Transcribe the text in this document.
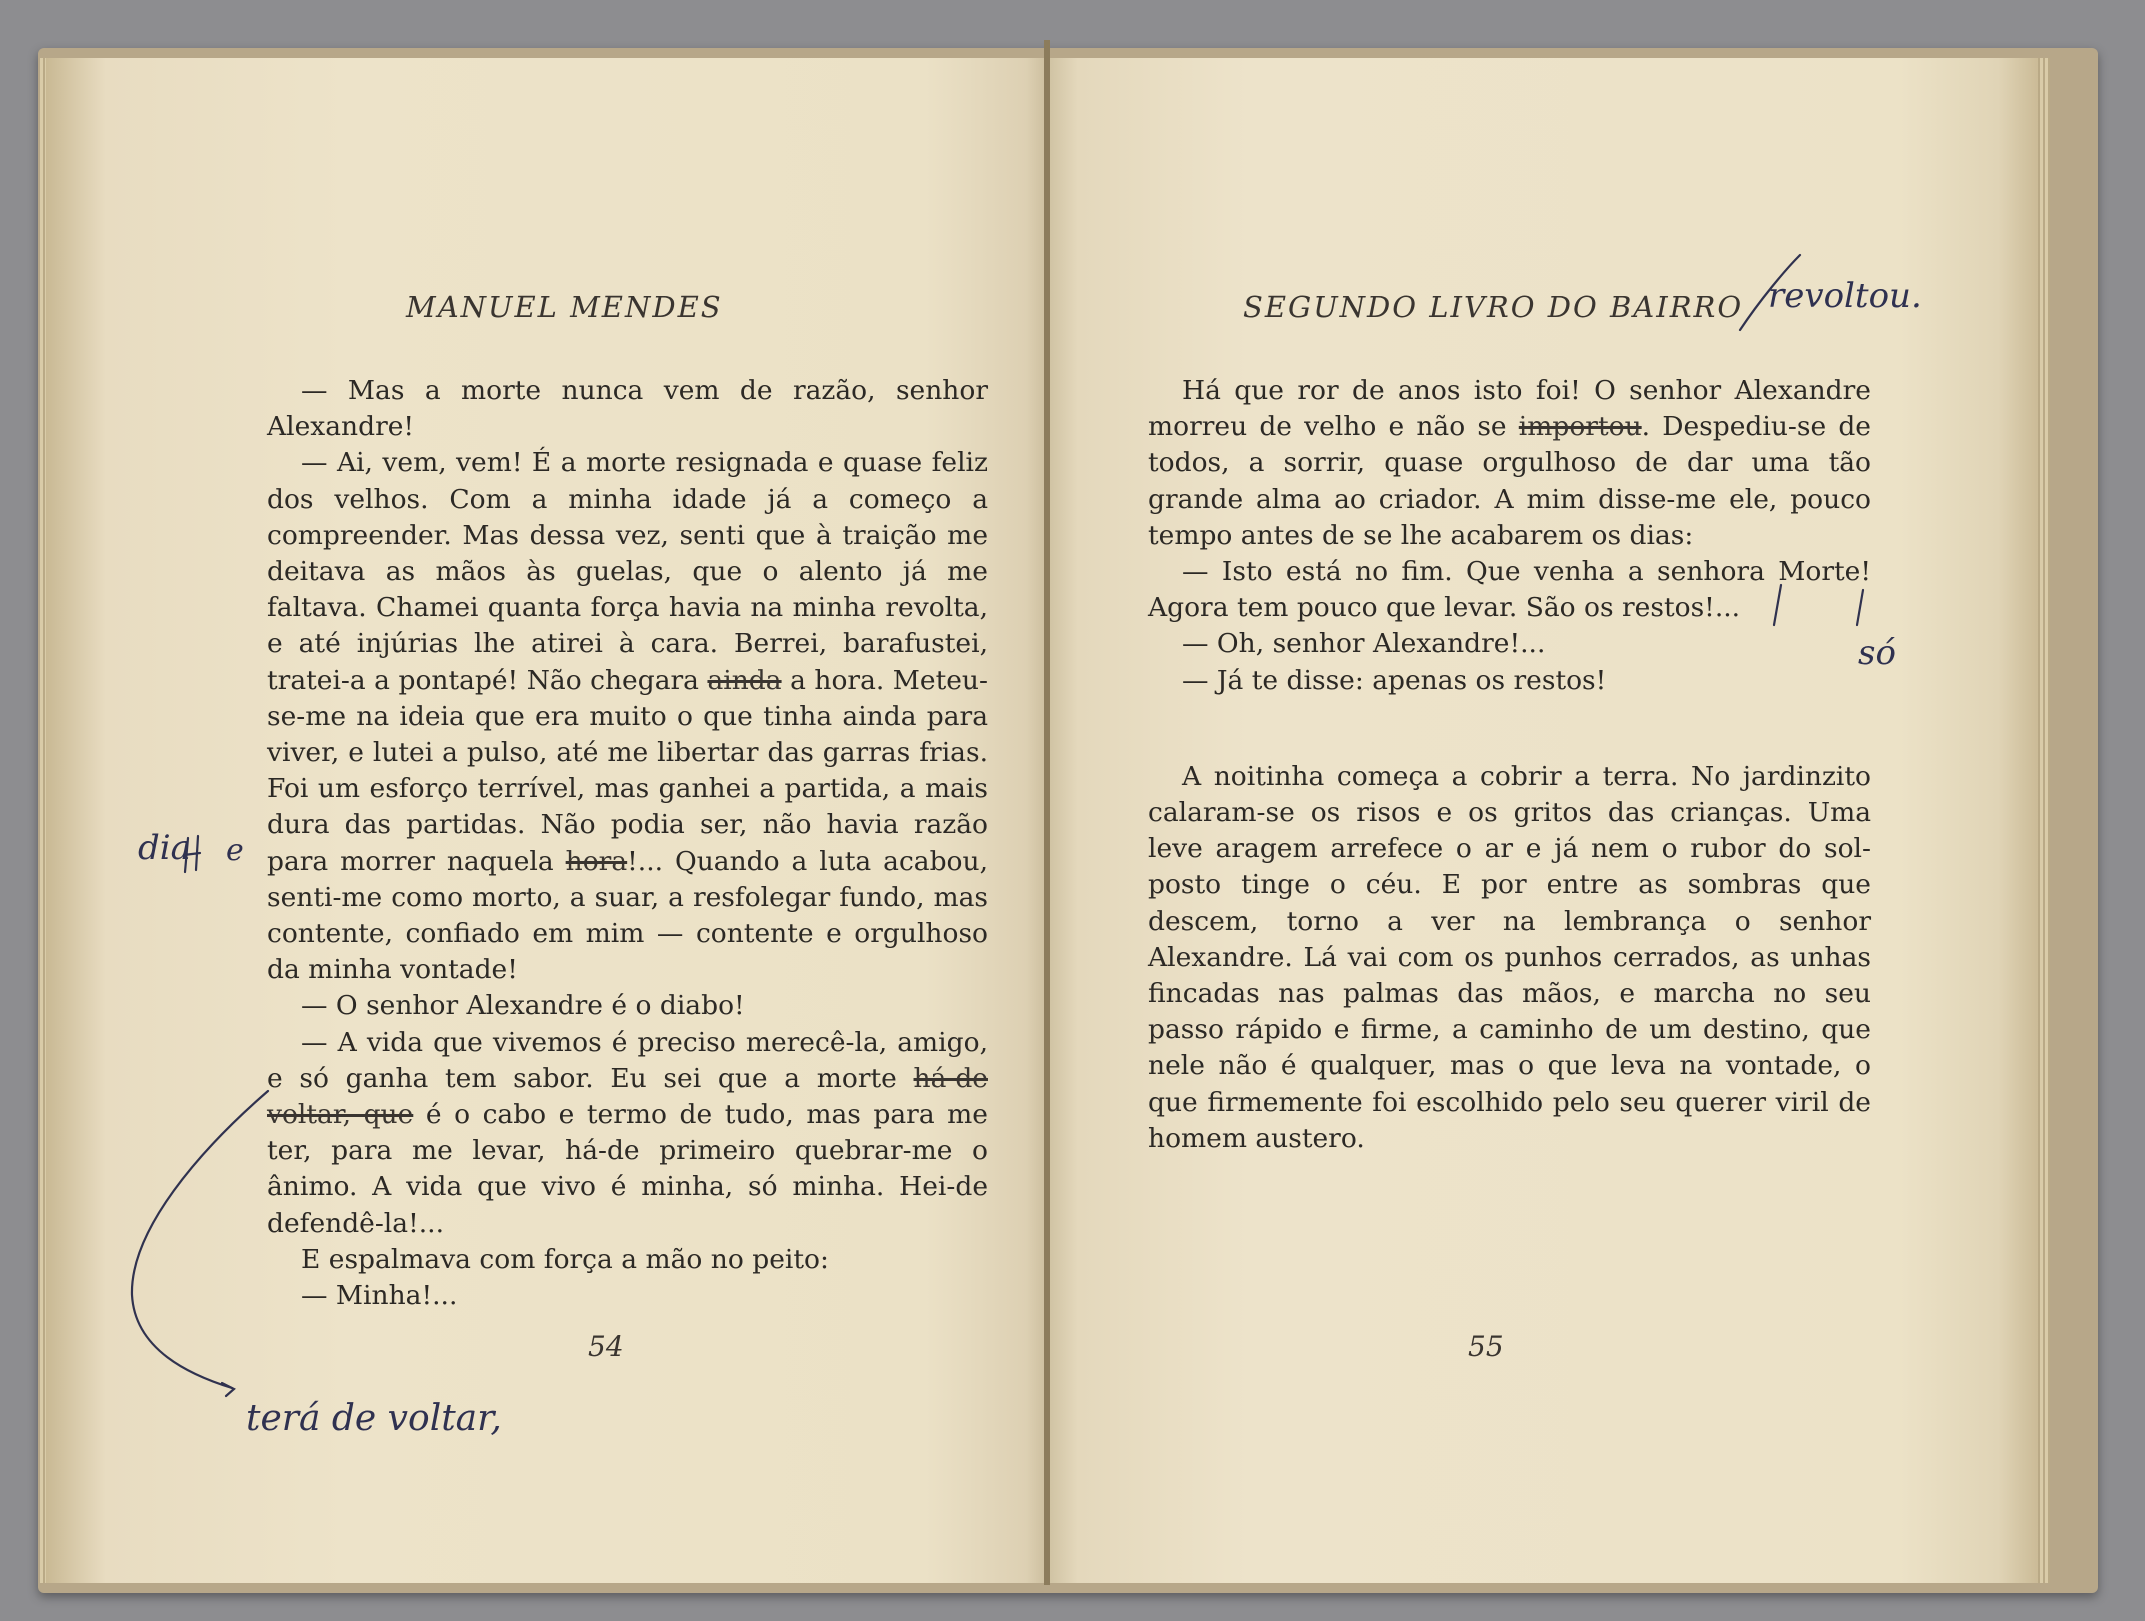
MANUEL MENDES

— Mas a morte nunca vem de razão, senhor Alexandre!

— Ai, vem, vem! É a morte resignada e quase feliz dos velhos. Com a minha idade já a começo a compreender. Mas dessa vez, senti que à traição me deitava as mãos às guelas, que o alento já me faltava. Chamei quanta força havia na minha revolta, e até injúrias lhe atirei à cara. Berrei, barafustei, tratei-a a pontapé! Não chegara ainda a hora. Meteu-se-me na ideia que era muito o que tinha ainda para viver, e lutei a pulso, até me libertar das garras frias. Foi um esforço terrível, mas ganhei a partida, a mais dura das partidas. Não podia ser, não havia razão para morrer naquela hora!... Quando a luta acabou, senti-me como morto, a suar, a resfolegar fundo, mas contente, confiado em mim — contente e orgulhoso da minha vontade!

— O senhor Alexandre é o diabo!

— A vida que vivemos é preciso merecê-la, amigo, e só ganha tem sabor. Eu sei que a morte há-de voltar, que é o cabo e termo de tudo, mas para me ter, para me levar, há-de primeiro quebrar-me o ânimo. A vida que vivo é minha, só minha. Hei-de defendê-la!...

E espalmava com força a mão no peito:

— Minha!...

54
dia e
terá de voltar,
SEGUNDO LIVRO DO BAIRRO revoltou.

Há que ror de anos isto foi! O senhor Alexandre morreu de velho e não se importou. Despediu-se de todos, a sorrir, quase orgulhoso de dar uma tão grande alma ao criador. A mim disse-me ele, pouco tempo antes de se lhe acabarem os dias:

— Isto está no fim. Que venha a senhora Morte! Agora tem pouco que levar. São os restos!...

— Oh, senhor Alexandre!...

— Já te disse: apenas os restos!

A noitinha começa a cobrir a terra. No jardinzito calaram-se os risos e os gritos das crianças. Uma leve aragem arrefece o ar e já nem o rubor do sol-posto tinge o céu. E por entre as sombras que descem, torno a ver na lembrança o senhor Alexandre. Lá vai com os punhos cerrados, as unhas fincadas nas palmas das mãos, e marcha no seu passo rápido e firme, a caminho de um destino, que nele não é qualquer, mas o que leva na vontade, o que firmemente foi escolhido pelo seu querer viril de homem austero.

só
55
